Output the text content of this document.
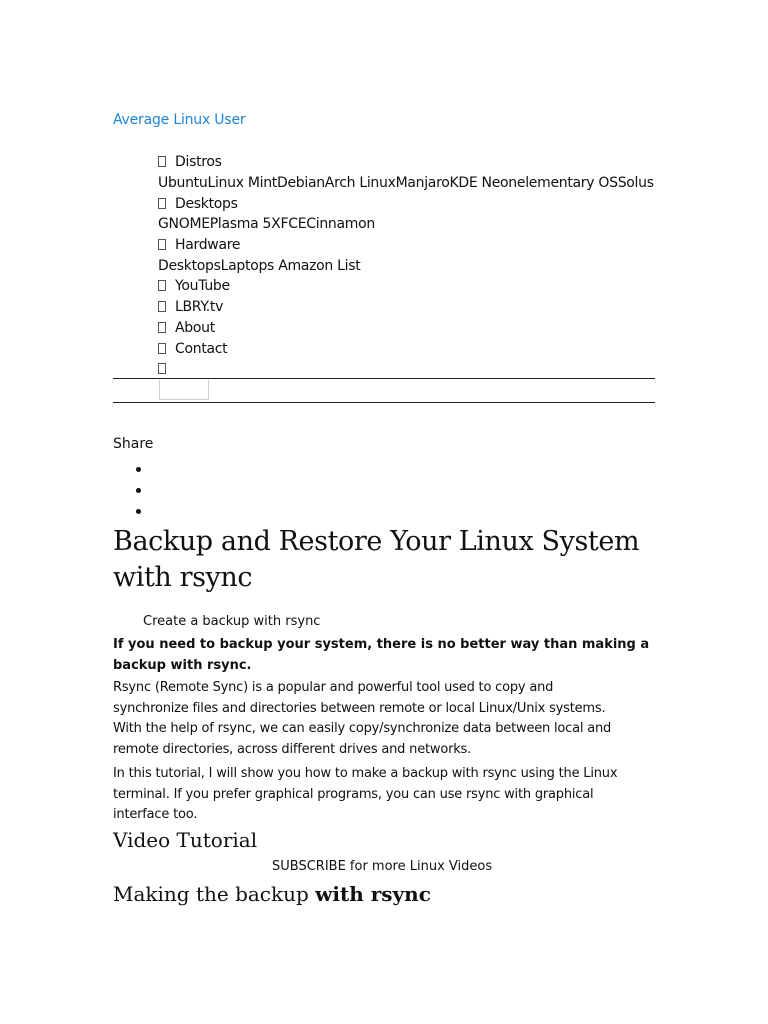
Average Linux User
Distros
UbuntuLinux MintDebianArch LinuxManjaroKDE Neonelementary OSSolus
Desktops
GNOMEPlasma 5XFCECinnamon
Hardware
DesktopsLaptops Amazon List
YouTube
LBRY.tv
About
Contact
Share
Backup and Restore Your Linux System
with rsync
Create a backup with rsync
If you need to backup your system, there is no better way than making a
backup with rsync.
Rsync (Remote Sync) is a popular and powerful tool used to copy and
synchronize files and directories between remote or local Linux/Unix systems.
With the help of rsync, we can easily copy/synchronize data between local and
remote directories, across different drives and networks.
In this tutorial, I will show you how to make a backup with rsync using the Linux
terminal. If you prefer graphical programs, you can use rsync with graphical
interface too.
Video Tutorial
SUBSCRIBE for more Linux Videos
Making the backup with rsync
